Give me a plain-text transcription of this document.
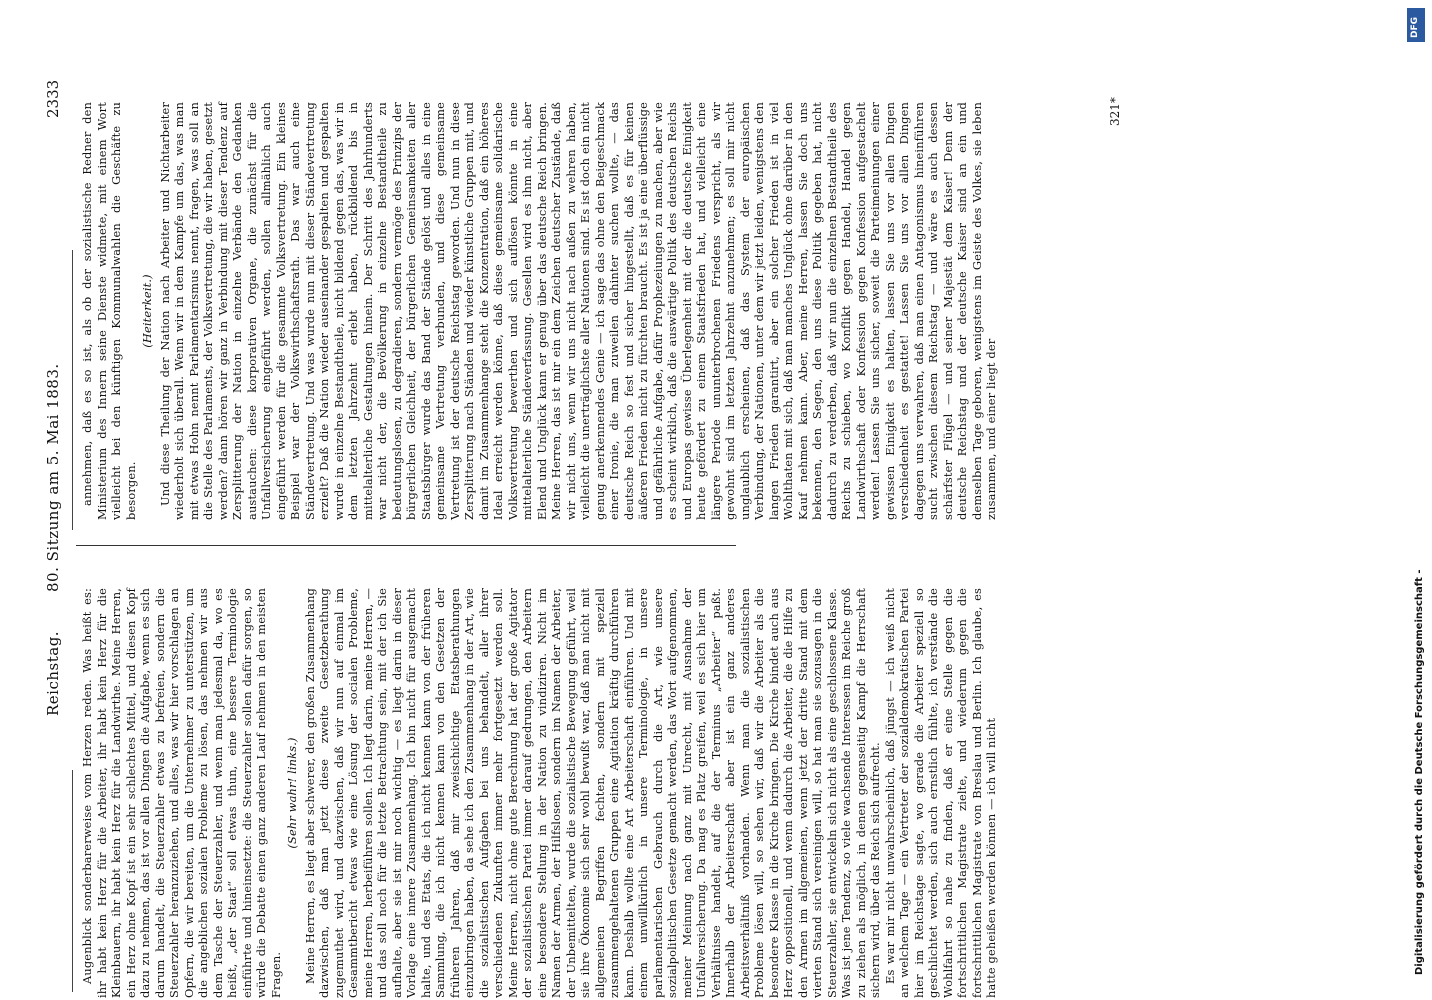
Reichstag.
80. Sitzung am 5. Mai 1883.
2333

Augenblick sonderbarerweise vom Herzen reden. Was heißt es: ihr habt kein Herz für die Arbeiter, ihr habt kein Herz für die Kleinbauern, ihr habt kein Herz für die Landwirthe. Meine Herren, ein Herz ohne Kopf ist ein sehr schlechtes Mittel, und diesen Kopf dazu zu nehmen, das ist vor allen Dingen die Aufgabe, wenn es sich darum handelt, die Steuerzahler etwas zu befreien, sondern die Steuerzahler heranzuziehen, und alles, was wir hier vorschlagen an Opfern, die wir bereiten, um die Unternehmer zu unterstützen, um die angeblichen sozialen Probleme zu lösen, das nehmen wir aus dem Tasche der Steuerzahler, und wenn man jedesmal da, wo es heißt, „der Staat“ soll etwas thun, eine bessere Terminologie einführte und hineinsetzte: die Steuerzahler sollen dafür sorgen, so würde die Debatte einen ganz anderen Lauf nehmen in den meisten Fragen.

(Sehr wahr! links.) Meine Herren, es liegt aber schwerer, den großen Zusammenhang dazwischen, daß man jetzt diese zweite Gesetzberathung zugemuthet wird, und dazwischen, daß wir nun auf einmal im Gesammtbericht etwas wie eine Lösung der socialen Probleme, meine Herren, herbeiführen sollen. Ich liegt darin, meine Herren, — und das soll noch für die letzte Betrachtung sein, mit der ich Sie aufhalte, aber sie ist mir noch wichtig — es liegt darin in dieser Vorlage eine innere Zusammenhang. Ich bin nicht für ausgemacht halte, und des Etats, die ich nicht kennen kann von der früheren Sammlung, die ich nicht kennen kann von den Gesetzen der früheren Jahren, daß mir zweischichtige Etatsberathungen einzubringen haben, da sehe ich den Zusammenhang in der Art, wie die sozialistischen Aufgaben bei uns behandelt, aller ihrer verschiedenen Zukunften immer mehr fortgesetzt werden soll. Meine Herren, nicht ohne gute Berechnung hat der große Agitator der sozialistischen Partei immer darauf gedrungen, den Arbeitern eine besondere Stellung in der Nation zu vindiziren. Nicht im Namen der Armen, der Hilfslosen, sondern im Namen der Arbeiter, der Unbemittelten, wurde die sozialistische Bewegung geführt, weil sie ihre Ökonomie sich sehr wohl bewußt war, daß man nicht mit allgemeinen Begriffen fechten, sondern mit speziell zusammengehaltenen Gruppen eine Agitation kräftig durchführen kann. Deshalb wollte eine Art Arbeiterschaft einführen. Und mit einem unwillkürlich in unsere Terminologie, in unsere parlamentarischen Gebrauch durch die Art, wie unsere sozialpolitischen Gesetze gemacht werden, das Wort aufgenommen, meiner Meinung nach ganz mit Unrecht, mit Ausnahme der Unfallversicherung. Da mag es Platz greifen, weil es sich hier um Verhältnisse handelt, auf die der Terminus „Arbeiter“ paßt. Innerhalb der Arbeiterschaft aber ist ein ganz anderes Arbeitsverhältniß vorhanden. Wenn man die sozialistischen Probleme lösen will, so sehen wir, daß wir die Arbeiter als die besondere Klasse in die Kirche bringen. Die Kirche bindet auch aus Herz oppositionell, und wenn dadurch die Arbeiter, die die Hilfe zu den Armen im allgemeinen, wenn jetzt der dritte Stand mit dem vierten Stand sich vereinigen will, so hat man sie sozusagen in die Steuerzahler, sie entwickeln sich nicht als eine geschlossene Klasse. Was ist jene Tendenz, so viele wachsende Interessen im Reiche groß zu ziehen als möglich, in denen gegenseitig Kampf die Herrschaft sichern wird, über das Reich sich aufrecht. Es war mir nicht unwahrscheinlich, daß jüngst — ich weiß nicht an welchem Tage — ein Vertreter der sozialdemokratischen Partei hier im Reichstage sagte, wo gerade die Arbeiter speziell so geschlichtet werden, sich auch ernstlich fühlte, ich verstände die Wohlfahrt so nahe zu finden, daß er eine Stelle gegen die fortschrittlichen Magistrate zielte, und wiederum gegen die fortschrittlichen Magistrate von Breslau und Berlin. Ich glaube, es hatte geheißen werden können — ich will nicht

annehmen, daß es so ist, als ob der sozialistische Redner den Ministerium des Innern seine Dienste widmete, mit einem Wort vielleicht bei den künftigen Kommunalwahlen die Geschäfte zu besorgen.

(Heiterkeit.) Und diese Theilung der Nation nach Arbeiter und Nichtarbeiter wiederholt sich überall. Wenn wir in dem Kampfe um das, was man mit etwas Hohn nennt Parlamentarismus nennt, fragen, was soll an die Stelle des Parlaments, der Volksvertretung, die wir haben, gesetzt werden? dann hören wir ganz in Verbindung mit dieser Tendenz auf Zersplitterung der Nation in einzelne Verbände den Gedanken austauchen: diese korporativen Organe, die zunächst für die Unfallversicherung eingeführt werden, sollen allmählich auch eingeführt werden für die gesammte Volksvertretung. Ein kleines Beispiel war der Volkswirthschaftsrath. Das war auch eine Ständevertretung. Und was wurde nun mit dieser Ständevertretung erzielt? Daß die Nation wieder auseinander gespalten und gespalten wurde in einzelne Bestandtheile, nicht bildend gegen das, was wir in dem letzten Jahrzehnt erlebt haben, rückbildend bis in mittelalterliche Gestaltungen hinein. Der Schritt des Jahrhunderts war nicht der, die Bevölkerung in einzelne Bestandtheile zu bedeutungslosen, zu degradieren, sondern vermöge des Prinzips der bürgerlichen Gleichheit, der bürgerlichen Gemeinsamkeiten aller Staatsbürger wurde das Band der Stände gelöst und alles in eine gemeinsame Vertretung verbunden, und diese gemeinsame Vertretung ist der deutsche Reichstag geworden. Und nun in diese Zersplitterung nach Ständen und wieder künstliche Gruppen mit, und damit im Zusammenhange steht die Konzentration, daß ein höheres Ideal erreicht werden könne, daß diese gemeinsame solidarische Volksvertretung bewerthen und sich auflösen könnte in eine mittelalterliche Ständeverfassung. Gesellen wird es ihm nicht, aber Elend und Unglück kann er genug über das deutsche Reich bringen. Meine Herren, das ist mir ein dem Zeichen deutscher Zustände, daß wir nicht uns, wenn wir uns nicht nach außen zu wehren haben, vielleicht die unerträglichste aller Nationen sind. Es ist doch ein nicht genug anerkennendes Genie — ich sage das ohne den Beigeschmack einer Ironie, die man zuweilen dahinter suchen wollte, — das deutsche Reich so fest und sicher hingestellt, daß es für keinen äußeren Frieden nicht zu fürchten braucht. Es ist ja eine überflüssige und gefährliche Aufgabe, dafür Prophezeiungen zu machen, aber wie es scheint wirklich, daß die auswärtige Politik des deutschen Reichs und Europas gewisse Überlegenheit mit der die deutsche Einigkeit heute gefördert zu einem Staatsfrieden hat, und vielleicht eine längere Periode ununterbrochenen Friedens verspricht, als wir gewohnt sind im letzten Jahrzehnt anzunehmen; es soll mir nicht unglaublich erscheinen, daß das System der europäischen Verbindung, der Nationen, unter dem wir jetzt leiden, wenigstens den langen Frieden garantirt, aber ein solcher Frieden ist in viel Wohlthaten mit sich, daß man manches Unglück ohne darüber in den Kauf nehmen kann. Aber, meine Herren, lassen Sie doch uns bekennen, den Segen, den uns diese Politik gegeben hat, nicht dadurch zu verderben, daß wir nun die einzelnen Bestandtheile des Reichs zu schieben, wo Konflikt gegen Handel, Handel gegen Landwirthschaft oder Konfession gegen Konfession aufgestachelt werden! Lassen Sie uns sicher, soweit die Parteimeinungen einer gewissen Einigkeit es halten, lassen Sie uns vor allen Dingen verschiedenheit es gestattet! Lassen Sie uns vor allen Dingen dagegen uns verwahren, daß man einen Antagonismus hineinführen sucht zwischen diesem Reichstag — und wäre es auch dessen schärfster Flügel — und seiner Majestät dem Kaiser! Denn der deutsche Reichstag und der deutsche Kaiser sind an ein und demselben Tage geboren, wenigstens im Geiste des Volkes, sie leben zusammen, und einer liegt der

321*
Digitalisierung gefördert durch die Deutsche Forschungsgemeinschaft -
DFG
